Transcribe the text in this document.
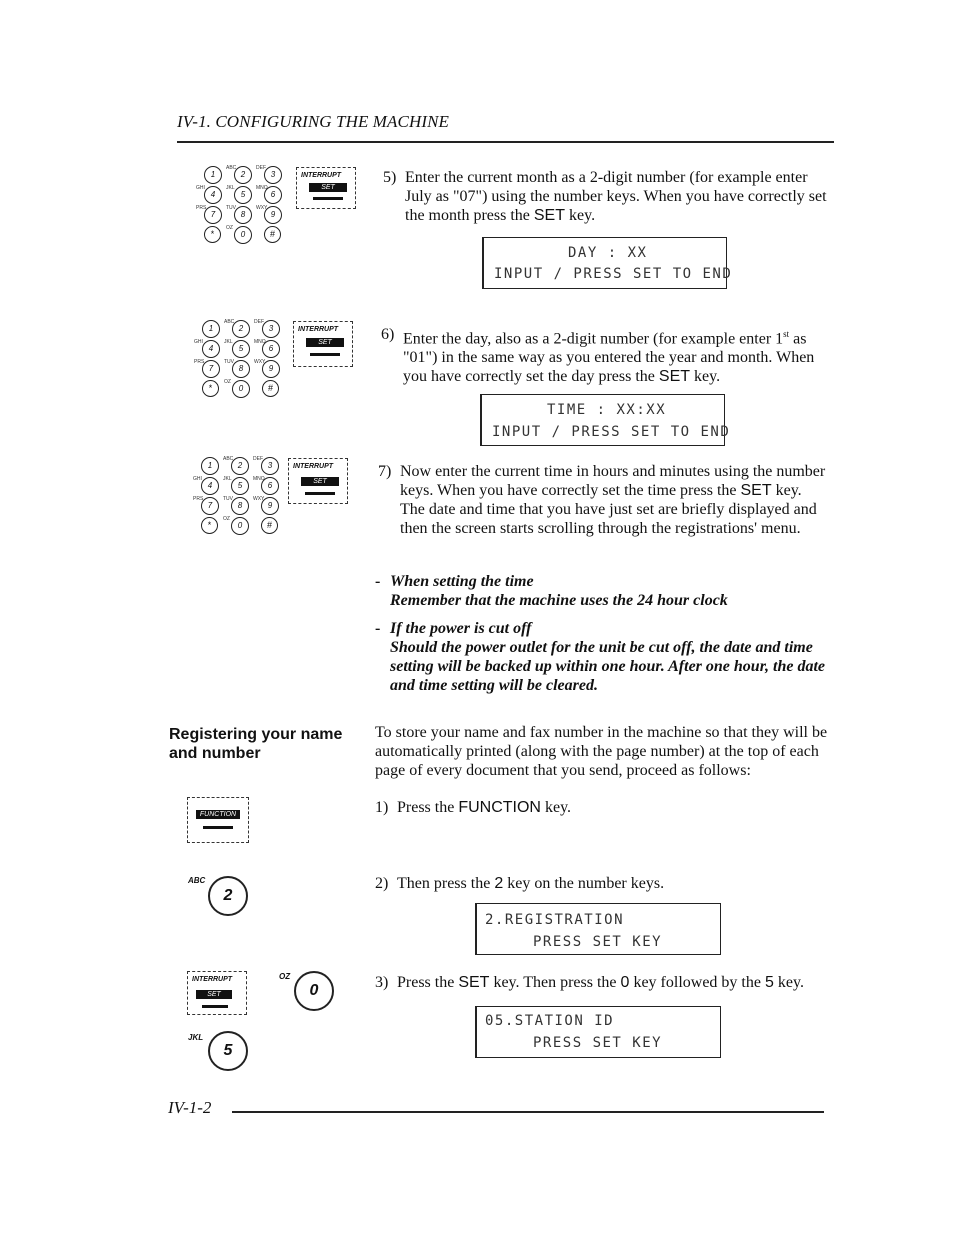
IV-1. CONFIGURING THE MACHINE
1	2
ABC
3
DEF
4
GHI
5
JKL
6
MNO
7
PRS
8
TUV
9
WXY
*	0
OZ
#
INTERRUPT
SET
5) Enter the current month as a 2-digit number (for example enter July as "07") using the number keys. When you have correctly set the month press the SET key.
DAY : XX
INPUT / PRESS SET TO END
1	2
ABC
3
DEF
4
GHI
5
JKL
6
MNO
7
PRS
8
TUV
9
WXY
*	0
OZ
#
INTERRUPT
SET	6) Enter the day, also as a 2-digit number (for example enter 1st as "01") in the same way as you entered the year and month. When you have correctly set the day press the SET key.
TIME : XX:XX
INPUT / PRESS SET TO END
1	2
ABC
3
DEF
4
GHI
5
JKL
6
MNO
7
PRS
8
TUV
9
WXY
*	0
OZ
#
INTERRUPT
SET
7) Now enter the current time in hours and minutes using the number keys. When you have correctly set the time press the SET key. The date and time that you have just set are briefly displayed and then the screen starts scrolling through the registrations' menu.
- When setting the time
Remember that the machine uses the 24 hour clock
- If the power is cut off
Should the power outlet for the unit be cut off, the date and time setting will be backed up within one hour. After one hour, the date and time setting will be cleared.
Registering your name
and number
To store your name and fax number in the machine so that they will be automatically printed (along with the page number) at the top of each page of every document that you send, proceed as follows:
FUNCTION	1) Press the FUNCTION key.
ABC
2
2) Then press the 2 key on the number keys.
2.REGISTRATION
PRESS SET KEY
INTERRUPT
SET
OZ
0
JKL
5
3) Press the SET key. Then press the 0 key followed by the 5 key.
05.STATION ID
PRESS SET KEY
IV-1-2
